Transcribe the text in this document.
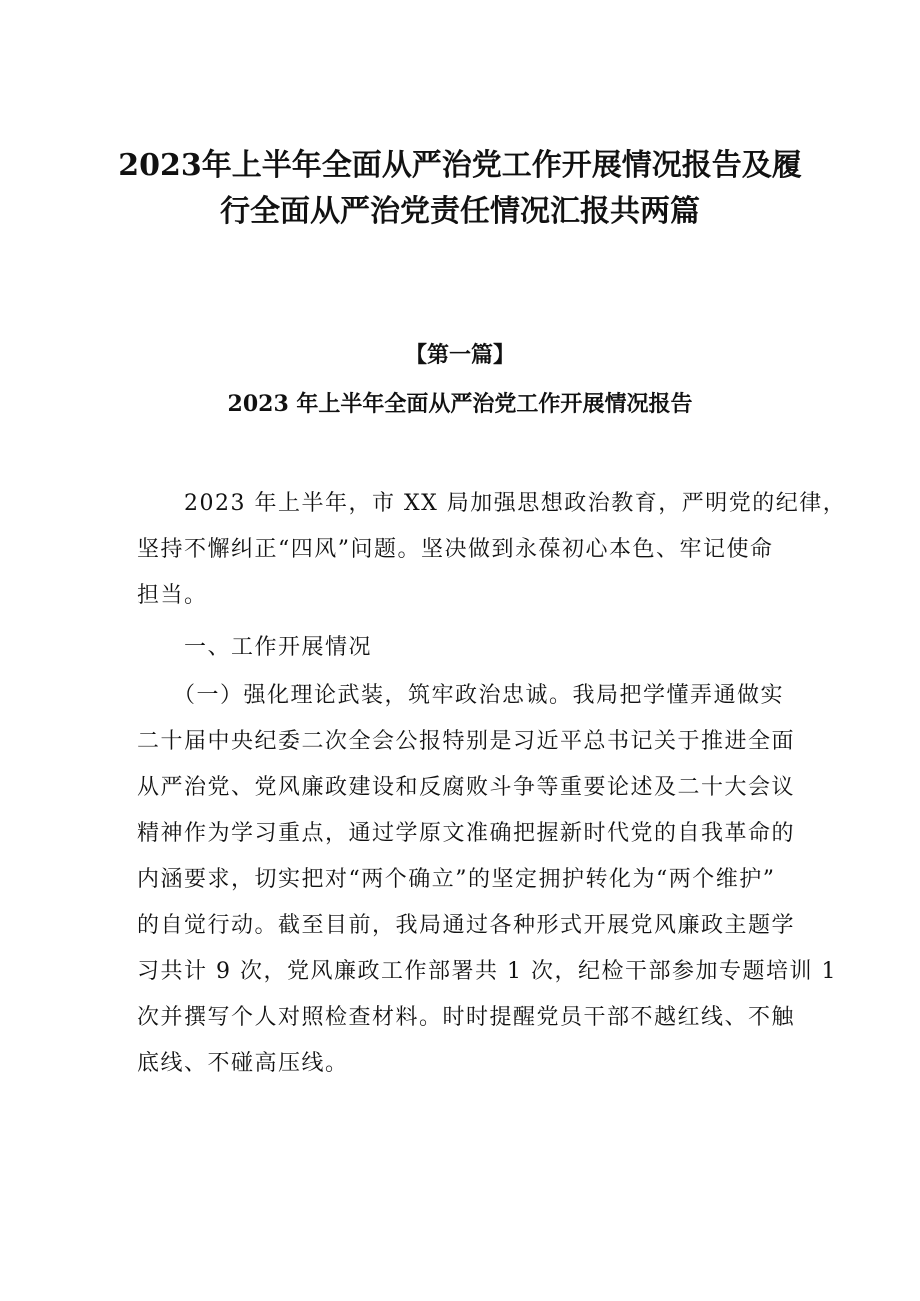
2023年上半年全面从严治党工作开展情况报告及履
行全面从严治党责任情况汇报共两篇
【第一篇】
2023 年上半年全面从严治党工作开展情况报告

　　2023 年上半年，市 XX 局加强思想政治教育，严明党的纪律，
坚持不懈纠正“四风”问题。坚决做到永葆初心本色、牢记使命
担当。

　　一、工作开展情况

　　（一）强化理论武装，筑牢政治忠诚。我局把学懂弄通做实
二十届中央纪委二次全会公报特别是习近平总书记关于推进全面
从严治党、党风廉政建设和反腐败斗争等重要论述及二十大会议
精神作为学习重点，通过学原文准确把握新时代党的自我革命的
内涵要求，切实把对“两个确立”的坚定拥护转化为“两个维护”
的自觉行动。截至目前，我局通过各种形式开展党风廉政主题学
习共计 9 次，党风廉政工作部署共 1 次，纪检干部参加专题培训 1
次并撰写个人对照检查材料。时时提醒党员干部不越红线、不触
底线、不碰高压线。
